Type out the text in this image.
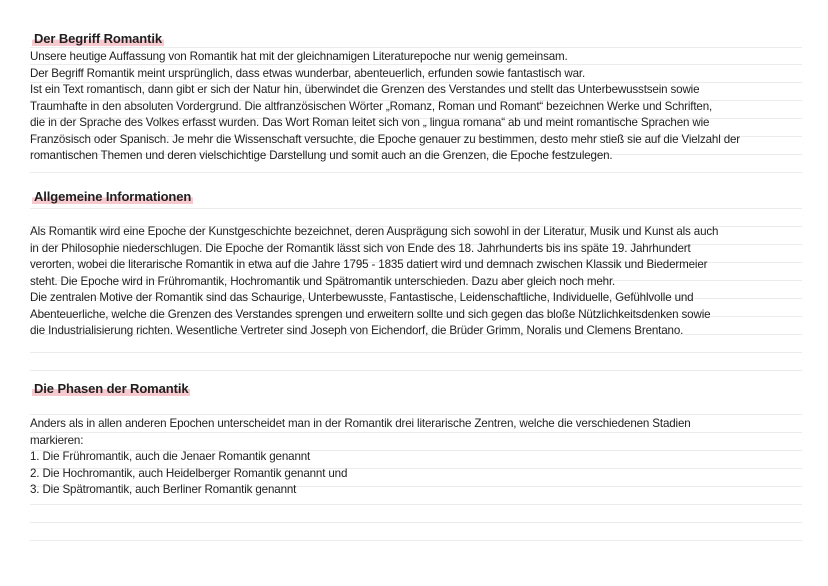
Der Begriff Romantik
Unsere heutige Auffassung von Romantik hat mit der gleichnamigen Literaturepoche nur wenig gemeinsam.
Der Begriff Romantik meint ursprünglich, dass etwas wunderbar, abenteuerlich, erfunden sowie fantastisch war.
Ist ein Text romantisch, dann gibt er sich der Natur hin, überwindet die Grenzen des Verstandes und stellt das Unterbewusstsein sowie
Traumhafte in den absoluten Vordergrund. Die altfranzösischen Wörter „Romanz, Roman und Romant“ bezeichnen Werke und Schriften,
die in der Sprache des Volkes erfasst wurden. Das Wort Roman leitet sich von „ lingua romana“ ab und meint romantische Sprachen wie
Französisch oder Spanisch. Je mehr die Wissenschaft versuchte, die Epoche genauer zu bestimmen, desto mehr stieß sie auf die Vielzahl der
romantischen Themen und deren vielschichtige Darstellung und somit auch an die Grenzen, die Epoche festzulegen.
Allgemeine Informationen
Als Romantik wird eine Epoche der Kunstgeschichte bezeichnet, deren Ausprägung sich sowohl in der Literatur, Musik und Kunst als auch
in der Philosophie niederschlugen. Die Epoche der Romantik lässt sich von Ende des 18. Jahrhunderts bis ins späte 19. Jahrhundert
verorten, wobei die literarische Romantik in etwa auf die Jahre 1795 - 1835 datiert wird und demnach zwischen Klassik und Biedermeier
steht. Die Epoche wird in Frühromantik, Hochromantik und Spätromantik unterschieden. Dazu aber gleich noch mehr.
Die zentralen Motive der Romantik sind das Schaurige, Unterbewusste, Fantastische, Leidenschaftliche, Individuelle, Gefühlvolle und
Abenteuerliche, welche die Grenzen des Verstandes sprengen und erweitern sollte und sich gegen das bloße Nützlichkeitsdenken sowie
die Industrialisierung richten. Wesentliche Vertreter sind Joseph von Eichendorf, die Brüder Grimm, Noralis und Clemens Brentano.
Die Phasen der Romantik
Anders als in allen anderen Epochen unterscheidet man in der Romantik drei literarische Zentren, welche die verschiedenen Stadien
markieren:
1. Die Frühromantik, auch die Jenaer Romantik genannt
2. Die Hochromantik, auch Heidelberger Romantik genannt und
3. Die Spätromantik, auch Berliner Romantik genannt
